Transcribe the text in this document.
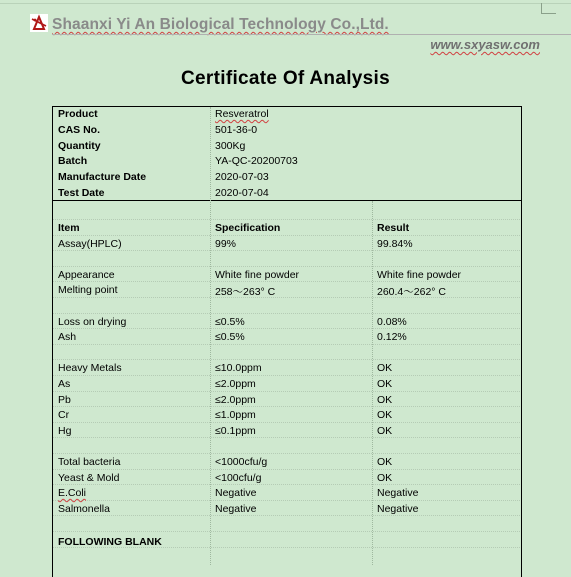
Shaanxi Yi An Biological Technology Co.,Ltd.
www.sxyasw.com
Certificate Of Analysis
Product	Resveratrol
CAS No.	501-36-0
Quantity	300Kg
Batch	YA-QC-20200703
Manufacture Date	2020-07-03
Test Date	2020-07-04
Item	Specification	Result
Assay(HPLC)	99%	99.84%
Appearance	White fine powder	White fine powder
Melting point	258～263° C	260.4～262° C
Loss on drying	≤0.5%	0.08%
Ash	≤0.5%	0.12%
Heavy Metals	≤10.0ppm	OK
As	≤2.0ppm	OK
Pb	≤2.0ppm	OK
Cr	≤1.0ppm	OK
Hg	≤0.1ppm	OK
Total bacteria	<1000cfu/g	OK
Yeast & Mold	<100cfu/g	OK
E.Coli	Negative	Negative
Salmonella	Negative	Negative
FOLLOWING BLANK
